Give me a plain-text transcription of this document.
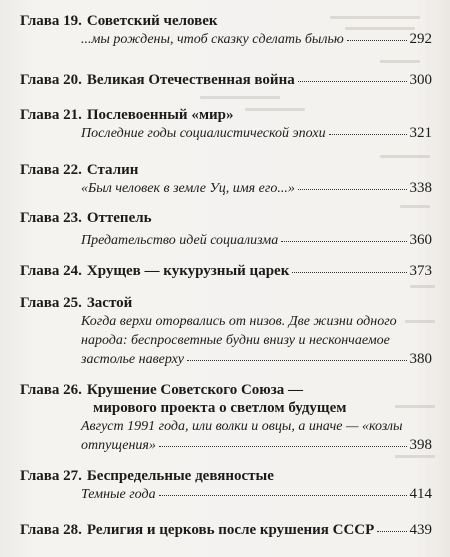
Глава 19. Советский человек
...мы рождены, чтоб сказку сделать былью	292
Глава 20. Великая Отечественная война	300
Глава 21. Послевоенный «мир»
Последние годы социалистической эпохи	321
Глава 22. Сталин
«Был человек в земле Уц, имя его...»	338
Глава 23. Оттепель
Предательство идей социализма	360
Глава 24. Хрущев — кукурузный царек	373
Глава 25. Застой
Когда верхи оторвались от низов. Две жизни одного
народа: беспросветные будни внизу и нескончаемое
застолье наверху	380
Глава 26. Крушение Советского Союза —
мирового проекта о светлом будущем
Август 1991 года, или волки и овцы, а иначе — «козлы
отпущения»	398
Глава 27. Беспредельные девяностые
Темные года	414
Глава 28. Религия и церковь после крушения СССР 439
